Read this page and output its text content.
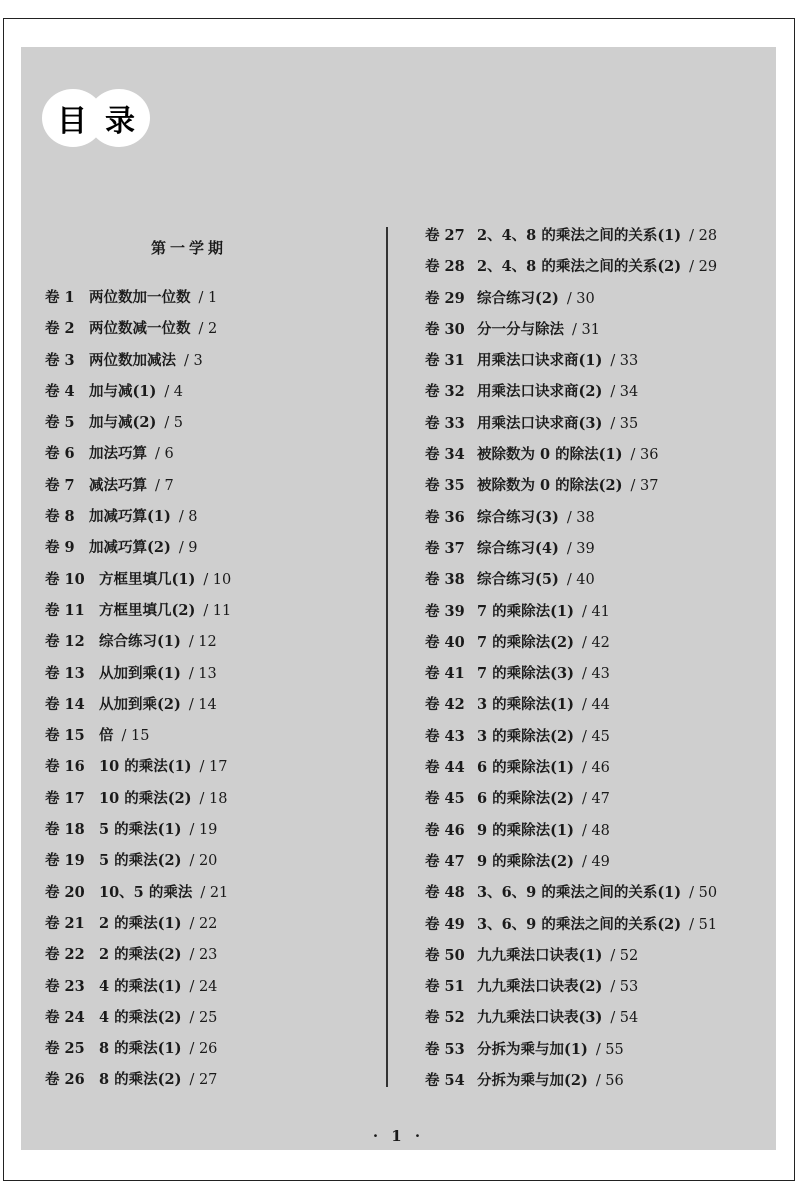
目 录
第一学期
卷 1 两位数加一位数 / 1
卷 2 两位数减一位数 / 2
卷 3 两位数加减法 / 3
卷 4 加与减(1) / 4
卷 5 加与减(2) / 5
卷 6 加法巧算 / 6
卷 7 减法巧算 / 7
卷 8 加减巧算(1) / 8
卷 9 加减巧算(2) / 9
卷 10 方框里填几(1) / 10
卷 11 方框里填几(2) / 11
卷 12 综合练习(1) / 12
卷 13 从加到乘(1) / 13
卷 14 从加到乘(2) / 14
卷 15 倍 / 15
卷 16 10 的乘法(1) / 17
卷 17 10 的乘法(2) / 18
卷 18 5 的乘法(1) / 19
卷 19 5 的乘法(2) / 20
卷 20 10、5 的乘法 / 21
卷 21 2 的乘法(1) / 22
卷 22 2 的乘法(2) / 23
卷 23 4 的乘法(1) / 24
卷 24 4 的乘法(2) / 25
卷 25 8 的乘法(1) / 26
卷 26 8 的乘法(2) / 27
卷 27 2、4、8 的乘法之间的关系(1) / 28
卷 28 2、4、8 的乘法之间的关系(2) / 29
卷 29 综合练习(2) / 30
卷 30 分一分与除法 / 31
卷 31 用乘法口诀求商(1) / 33
卷 32 用乘法口诀求商(2) / 34
卷 33 用乘法口诀求商(3) / 35
卷 34 被除数为 0 的除法(1) / 36
卷 35 被除数为 0 的除法(2) / 37
卷 36 综合练习(3) / 38
卷 37 综合练习(4) / 39
卷 38 综合练习(5) / 40
卷 39 7 的乘除法(1) / 41
卷 40 7 的乘除法(2) / 42
卷 41 7 的乘除法(3) / 43
卷 42 3 的乘除法(1) / 44
卷 43 3 的乘除法(2) / 45
卷 44 6 的乘除法(1) / 46
卷 45 6 的乘除法(2) / 47
卷 46 9 的乘除法(1) / 48
卷 47 9 的乘除法(2) / 49
卷 48 3、6、9 的乘法之间的关系(1) / 50
卷 49 3、6、9 的乘法之间的关系(2) / 51
卷 50 九九乘法口诀表(1) / 52
卷 51 九九乘法口诀表(2) / 53
卷 52 九九乘法口诀表(3) / 54
卷 53 分拆为乘与加(1) / 55
卷 54 分拆为乘与加(2) / 56
· 1 ·
